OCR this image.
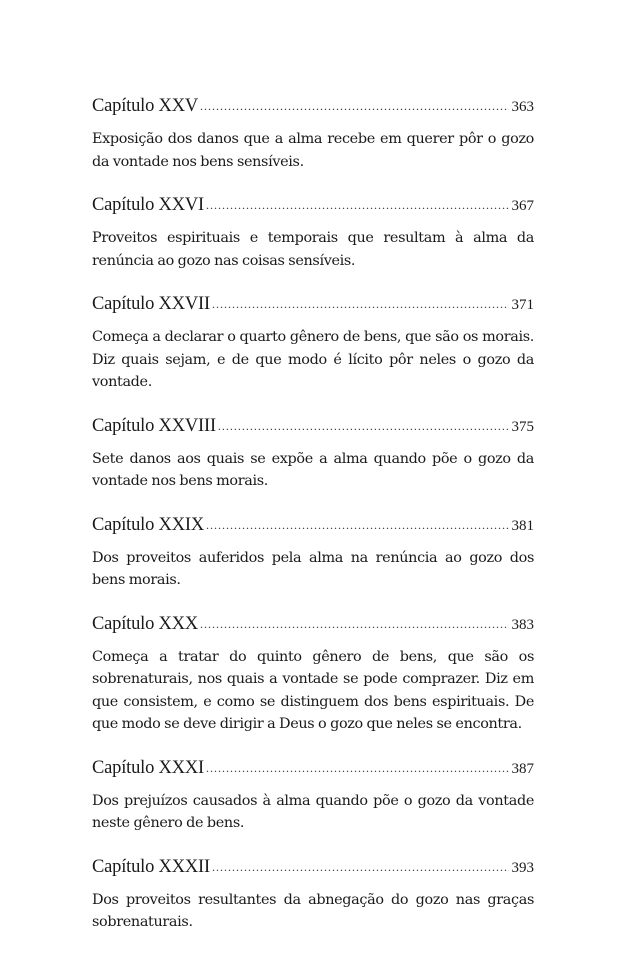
Capítulo XXV .....	363
Exposição dos danos que a alma recebe em querer pôr o gozo da vontade nos bens sensíveis.
Capítulo XXVI .....	367
Proveitos espirituais e temporais que resultam à alma da renúncia ao gozo nas coisas sensíveis.
Capítulo XXVII .....	371
Começa a declarar o quarto gênero de bens, que são os morais. Diz quais sejam, e de que modo é lícito pôr neles o gozo da vontade.
Capítulo XXVIII .....	375
Sete danos aos quais se expõe a alma quando põe o gozo da vontade nos bens morais.
Capítulo XXIX .....	381
Dos proveitos auferidos pela alma na renúncia ao gozo dos bens morais.
Capítulo XXX .....	383
Começa a tratar do quinto gênero de bens, que são os sobrenaturais, nos quais a vontade se pode comprazer. Diz em que consistem, e como se distinguem dos bens espirituais. De que modo se deve dirigir a Deus o gozo que neles se encontra.
Capítulo XXXI .....	387
Dos prejuízos causados à alma quando põe o gozo da vontade neste gênero de bens.
Capítulo XXXII .....	393
Dos proveitos resultantes da abnegação do gozo nas graças sobrenaturais.
